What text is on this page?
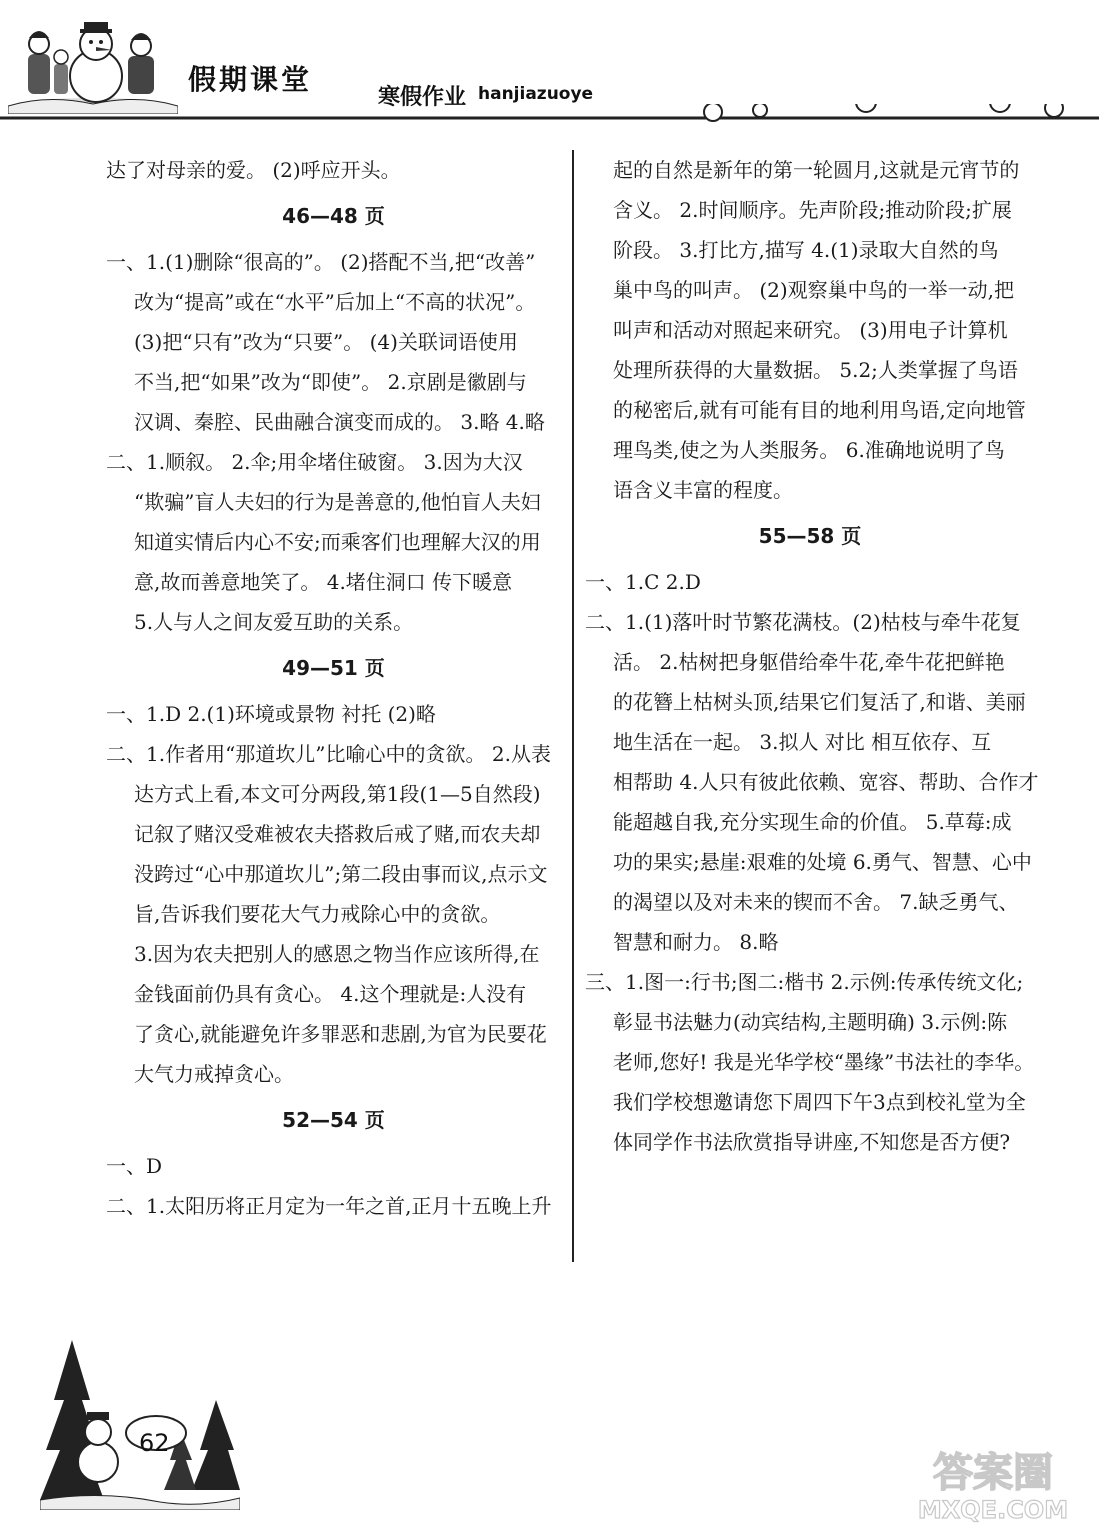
假期课堂
寒假作业 hanjiazuoye
达了对母亲的爱。 (2)呼应开头。
46—48 页
一、1.(1)删除“很高的”。 (2)搭配不当,把“改善”
改为“提高”或在“水平”后加上“不高的状况”。
(3)把“只有”改为“只要”。 (4)关联词语使用
不当,把“如果”改为“即使”。 2.京剧是徽剧与
汉调、秦腔、民曲融合演变而成的。 3.略 4.略
二、1.顺叙。 2.伞;用伞堵住破窗。 3.因为大汉
“欺骗”盲人夫妇的行为是善意的,他怕盲人夫妇
知道实情后内心不安;而乘客们也理解大汉的用
意,故而善意地笑了。 4.堵住洞口 传下暖意
5.人与人之间友爱互助的关系。
49—51 页
一、1.D 2.(1)环境或景物 衬托 (2)略
二、1.作者用“那道坎儿”比喻心中的贪欲。 2.从表
达方式上看,本文可分两段,第1段(1—5自然段)
记叙了赌汉受难被农夫搭救后戒了赌,而农夫却
没跨过“心中那道坎儿”;第二段由事而议,点示文
旨,告诉我们要花大气力戒除心中的贪欲。
3.因为农夫把别人的感恩之物当作应该所得,在
金钱面前仍具有贪心。 4.这个理就是:人没有
了贪心,就能避免许多罪恶和悲剧,为官为民要花
大气力戒掉贪心。
52—54 页
一、D
二、1.太阳历将正月定为一年之首,正月十五晚上升
起的自然是新年的第一轮圆月,这就是元宵节的
含义。 2.时间顺序。先声阶段;推动阶段;扩展
阶段。 3.打比方,描写 4.(1)录取大自然的鸟
巢中鸟的叫声。 (2)观察巢中鸟的一举一动,把
叫声和活动对照起来研究。 (3)用电子计算机
处理所获得的大量数据。 5.2;人类掌握了鸟语
的秘密后,就有可能有目的地利用鸟语,定向地管
理鸟类,使之为人类服务。 6.准确地说明了鸟
语含义丰富的程度。
55—58 页
一、1.C 2.D
二、1.(1)落叶时节繁花满枝。(2)枯枝与牵牛花复
活。 2.枯树把身躯借给牵牛花,牵牛花把鲜艳
的花簪上枯树头顶,结果它们复活了,和谐、美丽
地生活在一起。 3.拟人 对比 相互依存、互
相帮助 4.人只有彼此依赖、宽容、帮助、合作才
能超越自我,充分实现生命的价值。 5.草莓:成
功的果实;悬崖:艰难的处境 6.勇气、智慧、心中
的渴望以及对未来的锲而不舍。 7.缺乏勇气、
智慧和耐力。 8.略
三、1.图一:行书;图二:楷书 2.示例:传承传统文化;
彰显书法魅力(动宾结构,主题明确) 3.示例:陈
老师,您好! 我是光华学校“墨缘”书法社的李华。
我们学校想邀请您下周四下午3点到校礼堂为全
体同学作书法欣赏指导讲座,不知您是否方便?
62
答案圈
MXQE.COM
